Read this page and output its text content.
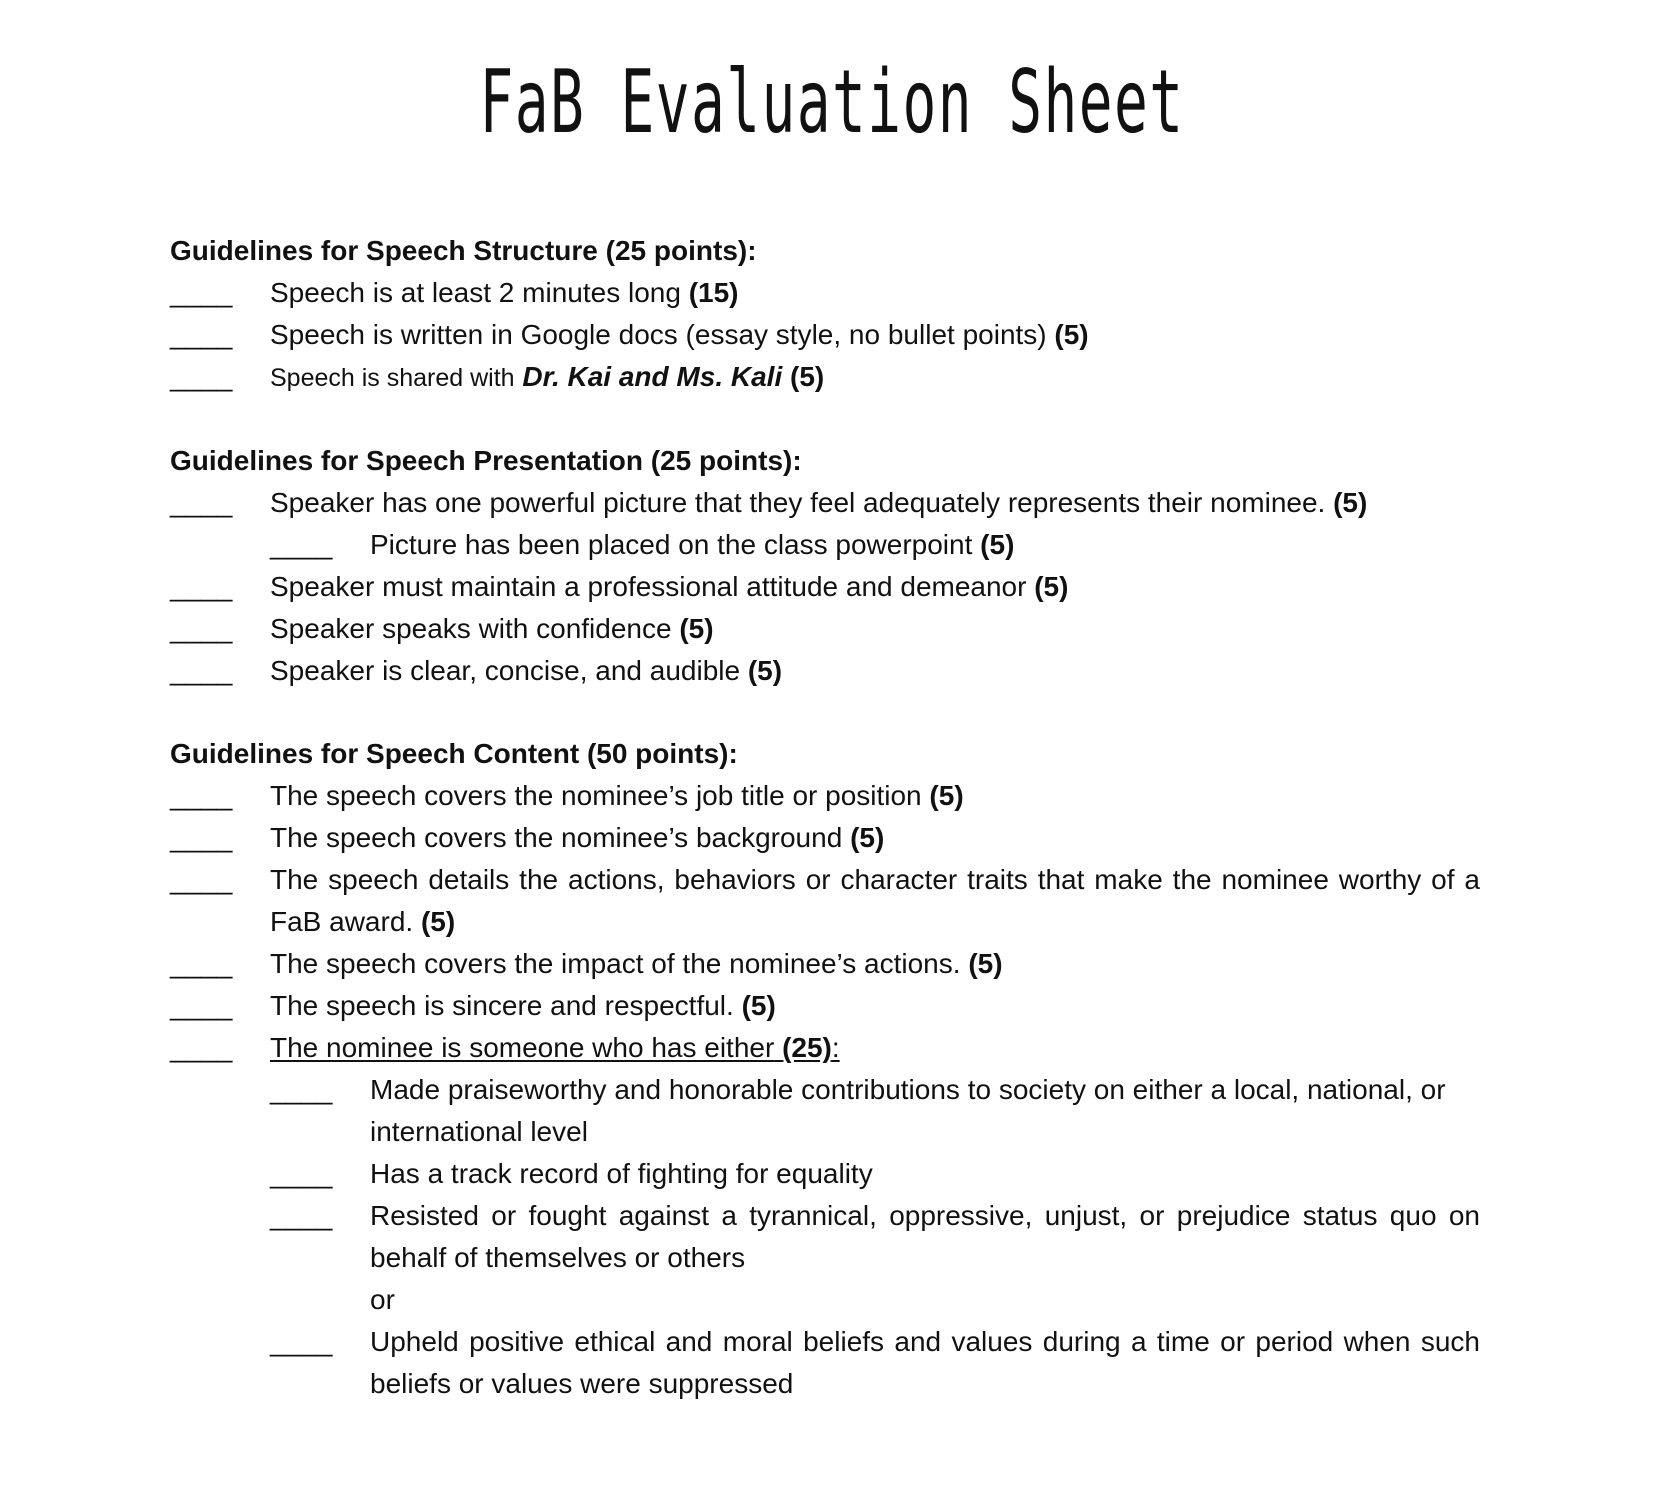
FaB Evaluation Sheet
Guidelines for Speech Structure (25 points):
____	Speech is at least 2 minutes long (15)
____	Speech is written in Google docs (essay style, no bullet points) (5)
____	Speech is shared with Dr. Kai and Ms. Kali (5)
Guidelines for Speech Presentation (25 points):
____	Speaker has one powerful picture that they feel adequately represents their nominee. (5)
____	Picture has been placed on the class powerpoint (5)
____	Speaker must maintain a professional attitude and demeanor (5)
____	Speaker speaks with confidence (5)
____	Speaker is clear, concise, and audible (5)
Guidelines for Speech Content (50 points):
____	The speech covers the nominee’s job title or position (5)
____	The speech covers the nominee’s background (5)
____	The speech details the actions, behaviors or character traits that make the nominee worthy of a FaB award. (5)
____	The speech covers the impact of the nominee’s actions. (5)
____	The speech is sincere and respectful. (5)
____	The nominee is someone who has either (25):
____	Made praiseworthy and honorable contributions to society on either a local, national, or international level
____	Has a track record of fighting for equality
____	Resisted or fought against a tyrannical, oppressive, unjust, or prejudice status quo on behalf of themselves or others
or
____	Upheld positive ethical and moral beliefs and values during a time or period when such beliefs or values were suppressed
